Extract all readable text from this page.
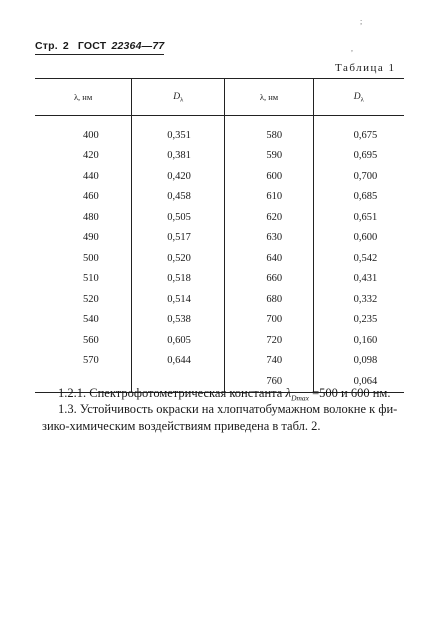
;
,
Стр. 2 ГОСТ 22364—77
Таблица 1
λ, нм	$D_\lambda$	λ, нм	$D_\lambda$
400	0,351	580	0,675
420	0,381	590	0,695
440	0,420	600	0,700
460	0,458	610	0,685
480	0,505	620	0,651
490	0,517	630	0,600
500	0,520	640	0,542
510	0,518	660	0,431
520	0,514	680	0,332
540	0,538	700	0,235
560	0,605	720	0,160
570	0,644	740	0,098
		760	0,064
1.2.1. Спектрофотометрическая константа $\lambda_{Dmax} =500$ и 600 нм.
1.3. Устойчивость окраски на хлопчатобумажном волокне к фи-
зико-химическим воздействиям приведена в табл. 2.
